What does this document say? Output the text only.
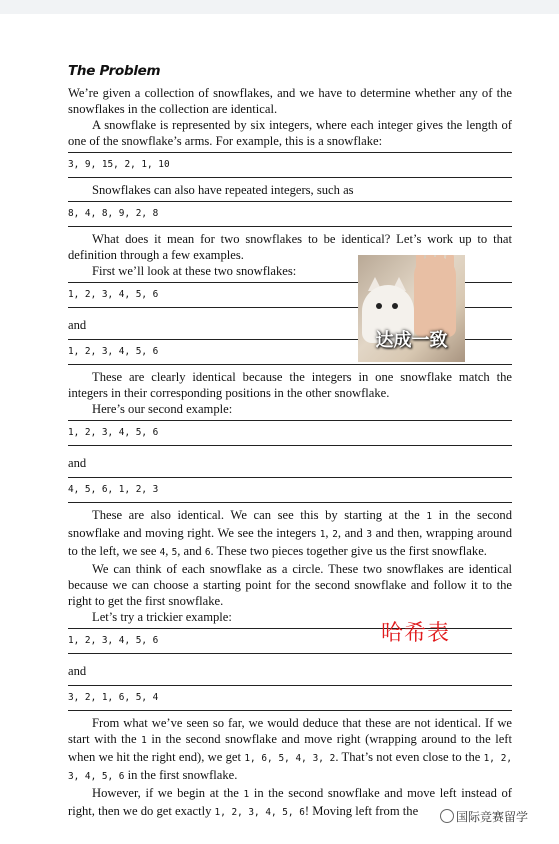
The Problem

We’re given a collection of snowflakes, and we have to determine whether any of the snowflakes in the collection are identical.

A snowflake is represented by six integers, where each integer gives the length of one of the snowflake’s arms. For example, this is a snowflake:

3, 9, 15, 2, 1, 10

Snowflakes can also have repeated integers, such as

8, 4, 8, 9, 2, 8

What does it mean for two snowflakes to be identical? Let’s work up to that definition through a few examples.

First we’ll look at these two snowflakes:

1, 2, 3, 4, 5, 6
and
1, 2, 3, 4, 5, 6

These are clearly identical because the integers in one snowflake match the integers in their corresponding positions in the other snowflake.

Here’s our second example:

1, 2, 3, 4, 5, 6
and
4, 5, 6, 1, 2, 3

These are also identical. We can see this by starting at the 1 in the second snowflake and moving right. We see the integers 1, 2, and 3 and then, wrapping around to the left, we see 4, 5, and 6. These two pieces together give us the first snowflake.

We can think of each snowflake as a circle. These two snowflakes are identical because we can choose a starting point for the second snowflake and follow it to the right to get the first snowflake.

Let’s try a trickier example:

1, 2, 3, 4, 5, 6
and
3, 2, 1, 6, 5, 4

From what we’ve seen so far, we would deduce that these are not identical. If we start with the 1 in the second snowflake and move right (wrapping around to the left when we hit the right end), we get 1, 6, 5, 4, 3, 2. That’s not even close to the 1, 2, 3, 4, 5, 6 in the first snowflake.

However, if we begin at the 1 in the second snowflake and move left instead of right, then we do get exactly 1, 2, 3, 4, 5, 6! Moving left from the

达成一致
哈希表
国际竞赛留学
